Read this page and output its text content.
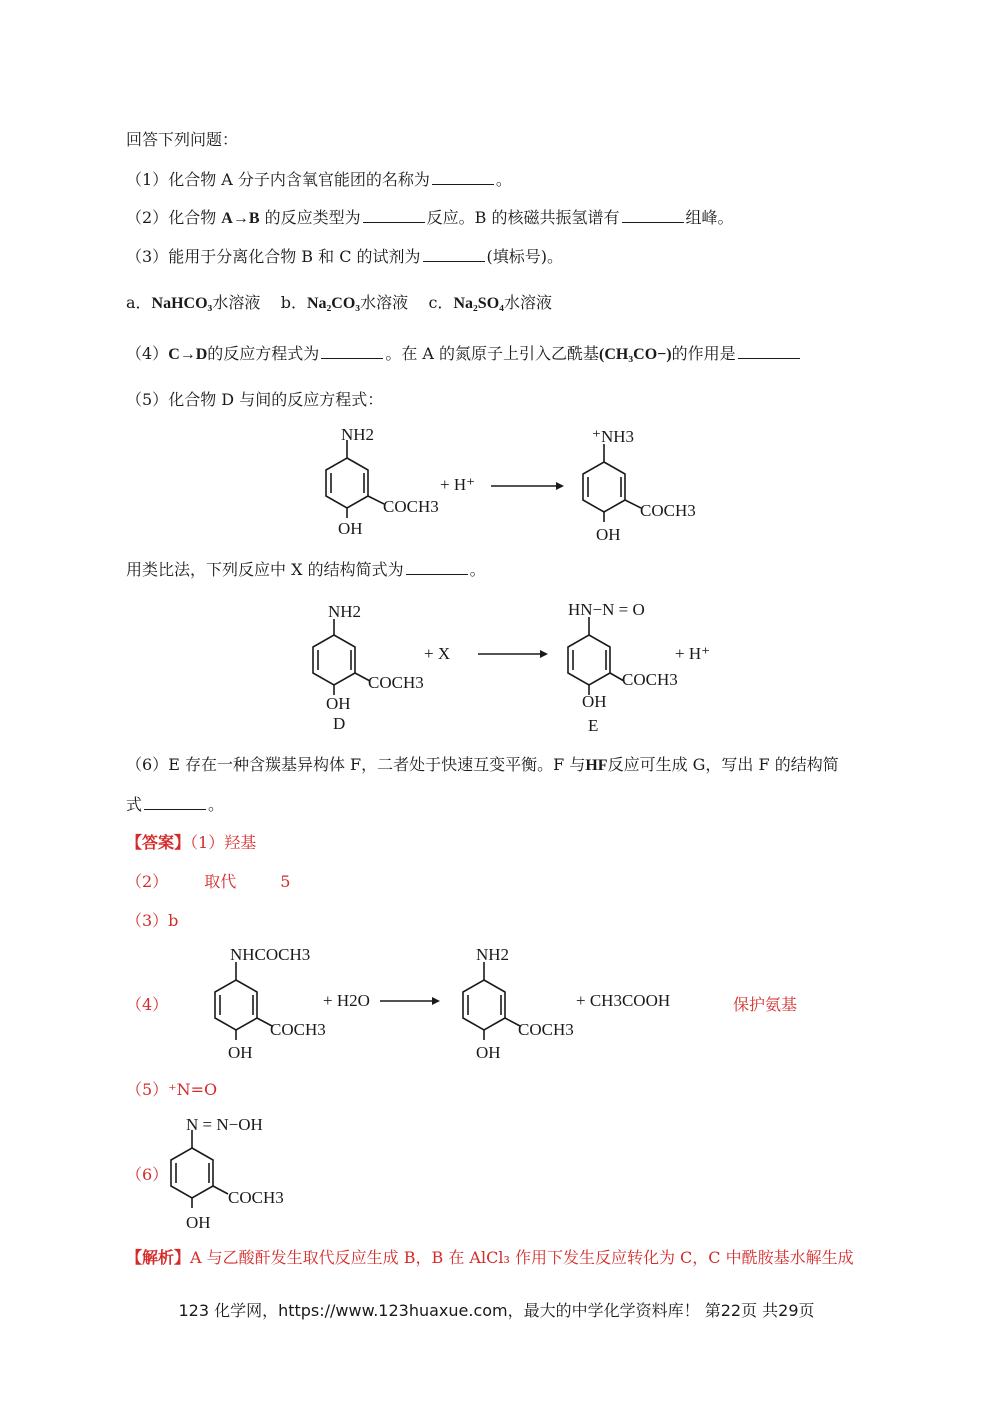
回答下列问题：
（1）化合物 A 分子内含氧官能团的名称为	。
（2）化合物 A→B 的反应类型为	反应。B 的核磁共振氢谱有	组峰。
（3）能用于分离化合物 B 和 C 的试剂为	(填标号)。
a．NaHCO₃水溶液 b．Na₂CO₃水溶液 c．Na₂SO₄水溶液
（4）C→D的反应方程式为	。在 A 的氮原子上引入乙酰基(CH₃CO−)的作用是
（5）化合物 D 与间的反应方程式：
NH2
COCH3
OH
+ H⁺
⁺NH3
COCH3
OH
用类比法，下列反应中 X 的结构简式为	。
NH2
COCH3
OH
D
+ X
HN−N = O
COCH3
OH
E
+ H⁺
（6）E 存在一种含羰基异构体 F，二者处于快速互变平衡。F 与HF反应可生成 G，写出 F 的结构简
式	。
【答案】（1）羟基
（2） 取代	5
（3）b
（4）
NHCOCH3
COCH3
OH
+ H2O
NH2
COCH3
OH
+ CH3COOH	保护氨基
（5）⁺N=O
（6）
N = N−OH
COCH3
OH
【解析】A 与乙酸酐发生取代反应生成 B，B 在 AlCl₃ 作用下发生反应转化为 C，C 中酰胺基水解生成
123 化学网，https://www.123huaxue.com，最大的中学化学资料库！ 第22页 共29页
